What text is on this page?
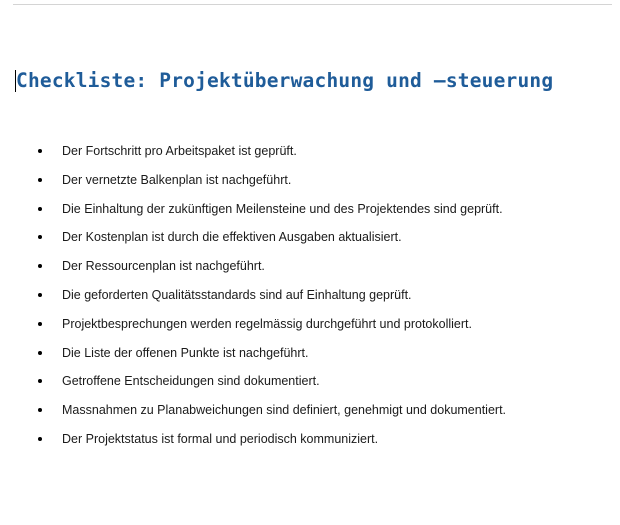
Checkliste: Projektüberwachung und –steuerung
Der Fortschritt pro Arbeitspaket ist geprüft.
Der vernetzte Balkenplan ist nachgeführt.
Die Einhaltung der zukünftigen Meilensteine und des Projektendes sind geprüft.
Der Kostenplan ist durch die effektiven Ausgaben aktualisiert.
Der Ressourcenplan ist nachgeführt.
Die geforderten Qualitätsstandards sind auf Einhaltung geprüft.
Projektbesprechungen werden regelmässig durchgeführt und protokolliert.
Die Liste der offenen Punkte ist nachgeführt.
Getroffene Entscheidungen sind dokumentiert.
Massnahmen zu Planabweichungen sind definiert, genehmigt und dokumentiert.
Der Projektstatus ist formal und periodisch kommuniziert.
